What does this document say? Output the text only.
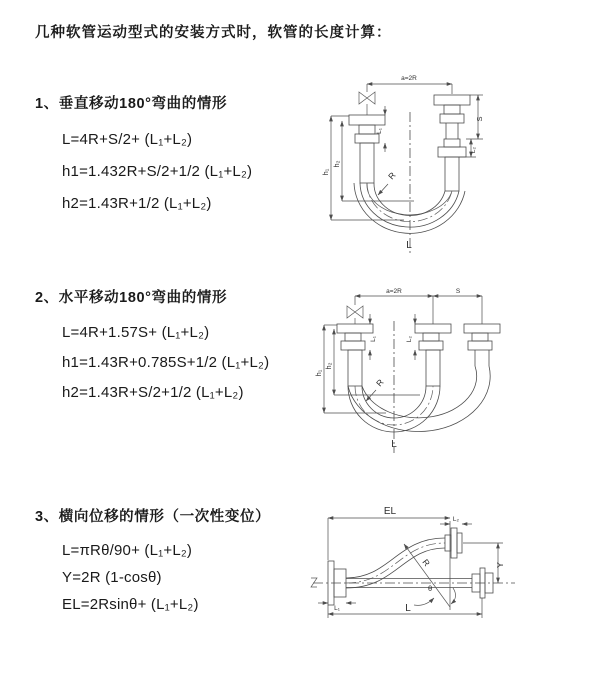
几种软管运动型式的安装方式时，软管的长度计算：
1、垂直移动180°弯曲的情形
L=4R+S/2+ (L₁+L₂)
h1=1.432R+S/2+1/2 (L₁+L₂)
h2=1.43R+1/2 (L₁+L₂)
2、水平移动180°弯曲的情形
L=4R+1.57S+ (L₁+L₂)
h1=1.43R+0.785S+1/2 (L₁+L₂)
h2=1.43R+S/2+1/2 (L₁+L₂)
3、横向位移的情形（一次性变位）
L=πRθ/90+ (L₁+L₂)
Y=2R (1-cosθ)
EL=2Rsinθ+ (L₁+L₂)
a=2R
R
h₁
h₂
L₁
S
L₂
L
a=2R	S
R
h₁
h₂
L₁	L₂
L
EL
L₂
Y
R
θ
L
L₁
